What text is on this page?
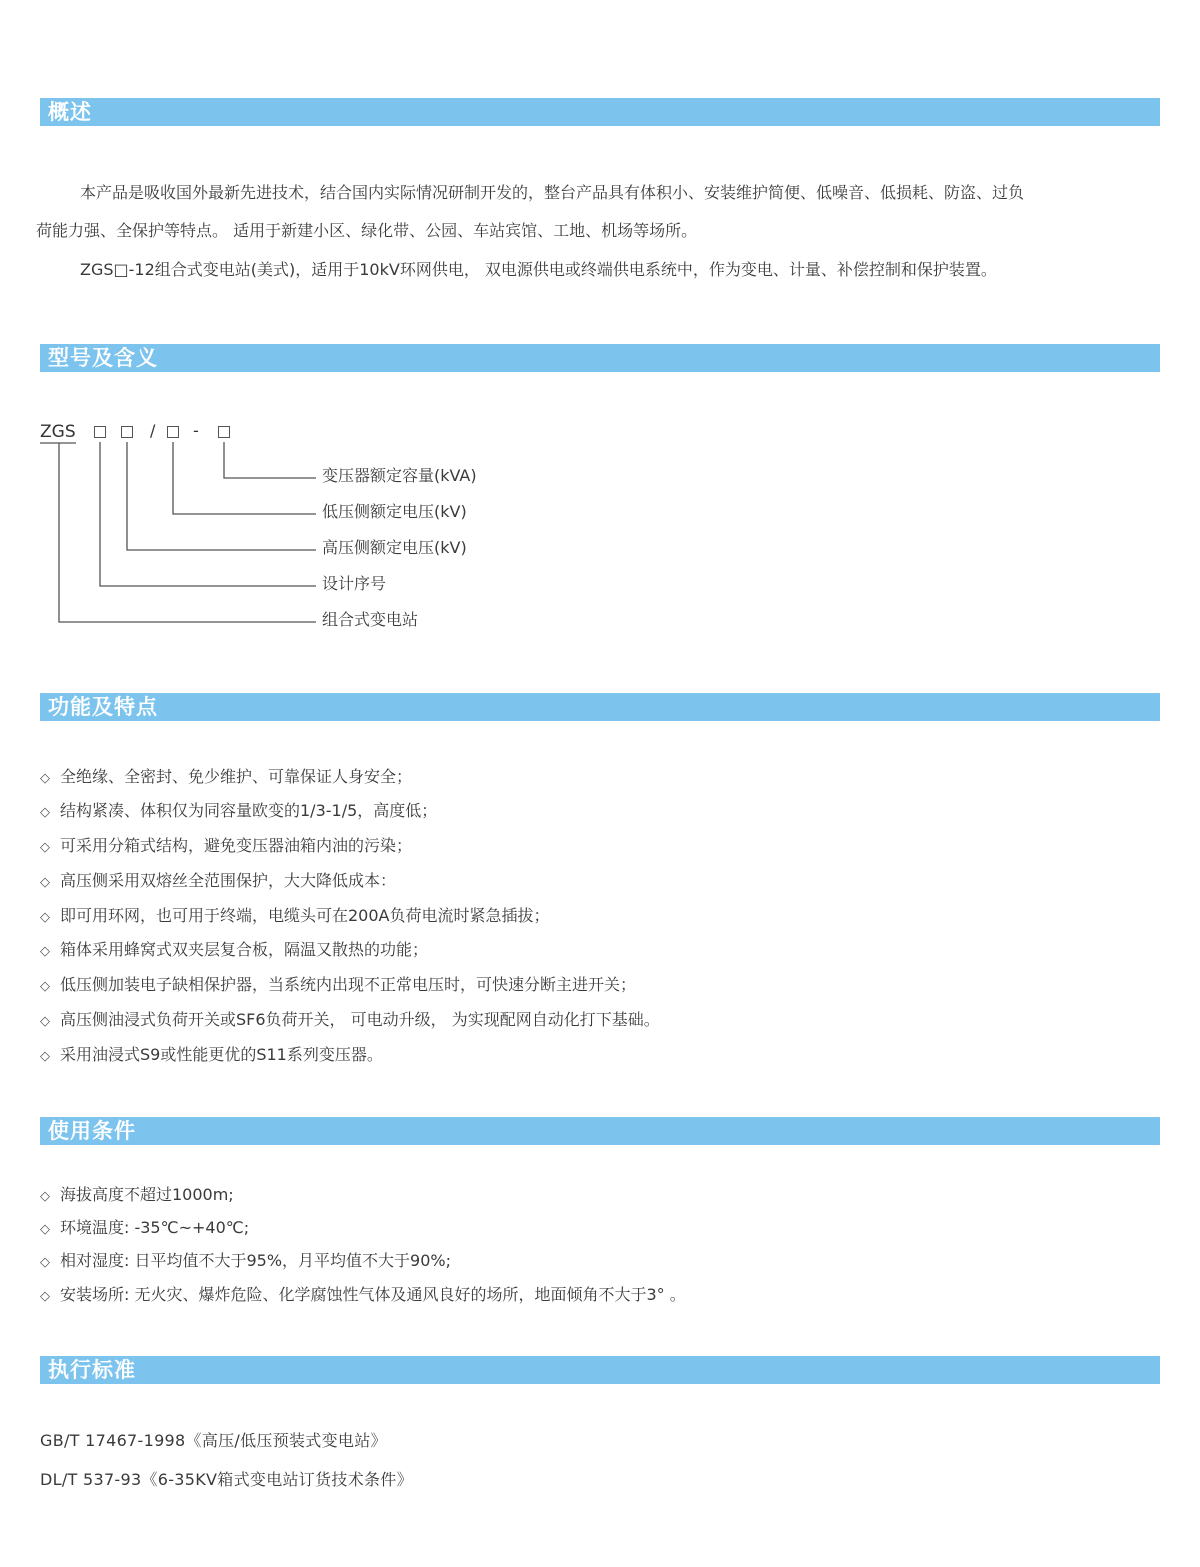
概述
本产品是吸收国外最新先进技术，结合国内实际情况研制开发的，整台产品具有体积小、安装维护简便、低噪音、低损耗、防盗、过负
荷能力强、全保护等特点。 适用于新建小区、绿化带、公园、车站宾馆、工地、机场等场所。
ZGS□-12组合式变电站(美式)，适用于10kV环网供电， 双电源供电或终端供电系统中，作为变电、计量、补偿控制和保护装置。
型号及含义
ZGS	/ -
变压器额定容量(kVA)
低压侧额定电压(kV)
高压侧额定电压(kV)
设计序号
组合式变电站
功能及特点
◇ 全绝缘、全密封、免少维护、可靠保证人身安全；
◇ 结构紧凑、体积仅为同容量欧变的1/3-1/5，高度低；
◇ 可采用分箱式结构，避免变压器油箱内油的污染；
◇ 高压侧采用双熔丝全范围保护，大大降低成本：
◇ 即可用环网，也可用于终端，电缆头可在200A负荷电流时紧急插拔；
◇ 箱体采用蜂窝式双夹层复合板，隔温又散热的功能；
◇ 低压侧加装电子缺相保护器，当系统内出现不正常电压时，可快速分断主进开关；
◇ 高压侧油浸式负荷开关或SF6负荷开关， 可电动升级， 为实现配网自动化打下基础。
◇ 采用油浸式S9或性能更优的S11系列变压器。
使用条件
◇ 海拔高度不超过1000m;
◇ 环境温度: -35℃~+40℃;
◇ 相对湿度: 日平均值不大于95%，月平均值不大于90%;
◇ 安装场所: 无火灾、爆炸危险、化学腐蚀性气体及通风良好的场所，地面倾角不大于3° 。
执行标准
GB/T 17467-1998《高压/低压预装式变电站》
DL/T 537-93《6-35KV箱式变电站订货技术条件》
